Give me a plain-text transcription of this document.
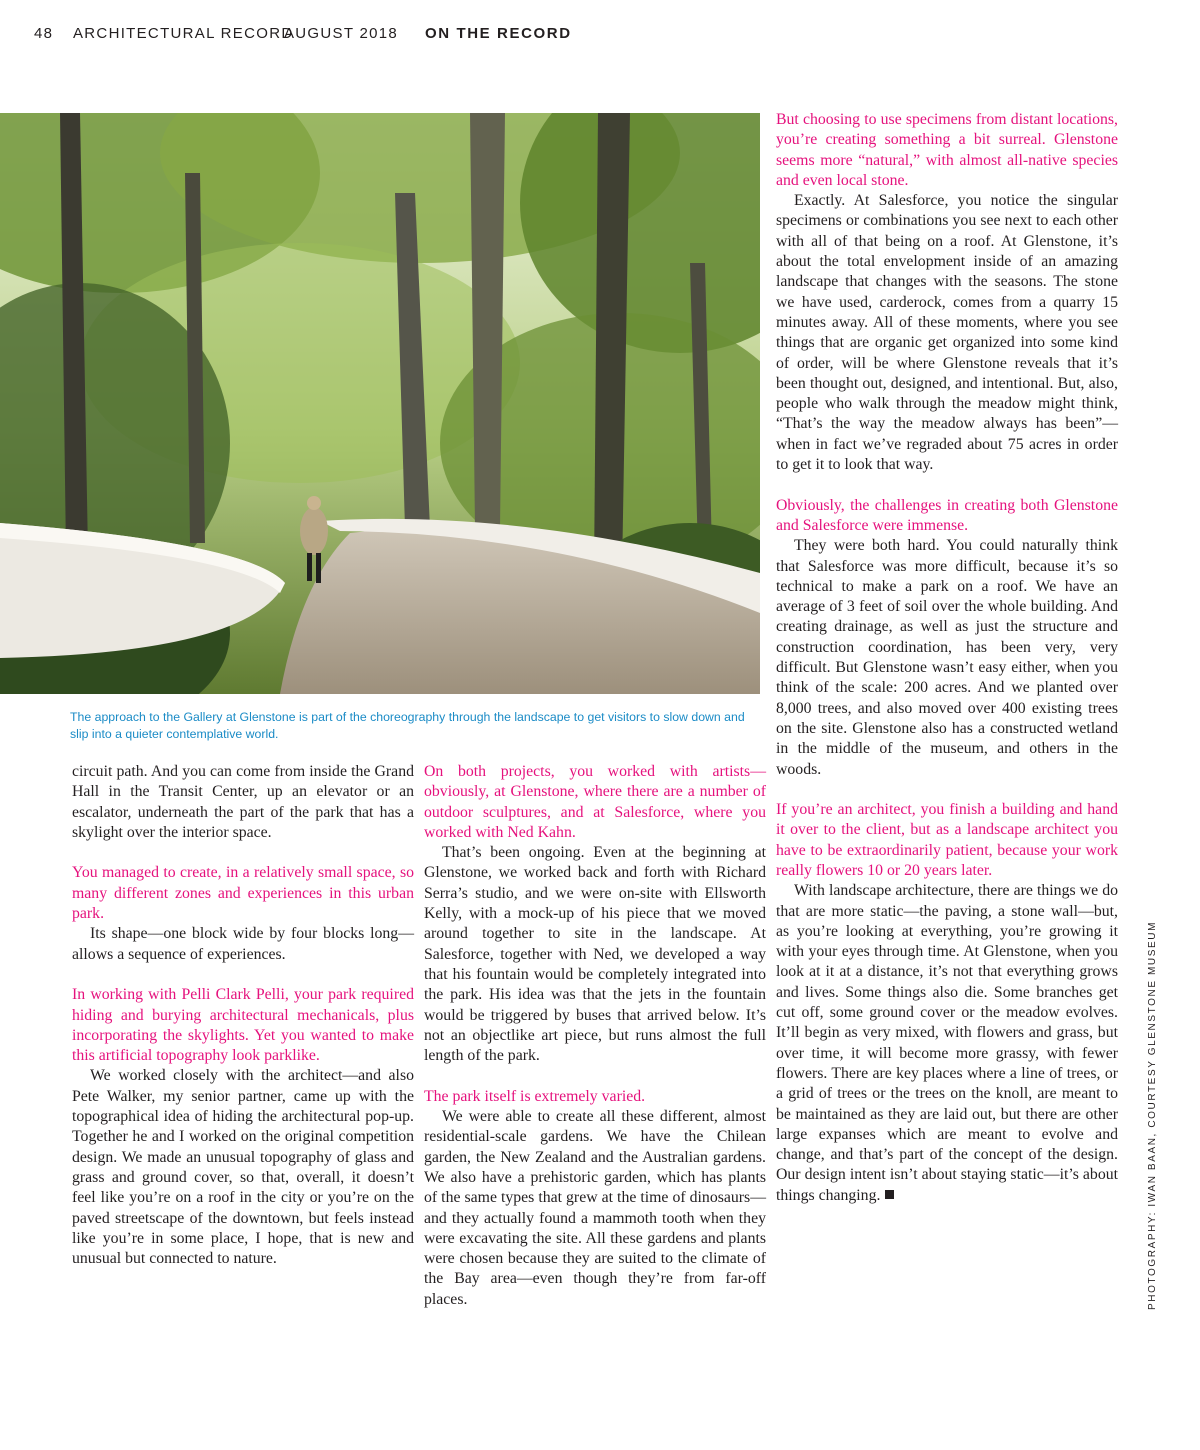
48 ARCHITECTURAL RECORDAUGUST 2018 ON THE RECORD
The approach to the Gallery at Glenstone is part of the choreography through the landscape to get visitors to slow down and slip into a quieter contemplative world.

circuit path. And you can come from inside the Grand Hall in the Transit Center, up an elevator or an escalator, underneath the part of the park that has a skylight over the interior space.

You managed to create, in a relatively small space, so many different zones and experiences in this urban park.

Its shape—one block wide by four blocks long—allows a sequence of experiences.

In working with Pelli Clark Pelli, your park required hiding and burying architectural mechanicals, plus incorporating the skylights. Yet you wanted to make this artificial topography look parklike.

We worked closely with the architect—and also Pete Walker, my senior partner, came up with the topographical idea of hiding the architectural pop-up. Together he and I worked on the original competition design. We made an unusual topography of glass and grass and ground cover, so that, overall, it doesn’t feel like you’re on a roof in the city or you’re on the paved streetscape of the downtown, but feels instead like you’re in some place, I hope, that is new and unusual but connected to nature.

On both projects, you worked with artists—obviously, at Glenstone, where there are a number of outdoor sculptures, and at Salesforce, where you worked with Ned Kahn.

That’s been ongoing. Even at the beginning at Glenstone, we worked back and forth with Richard Serra’s studio, and we were on-site with Ellsworth Kelly, with a mock-up of his piece that we moved around together to site in the landscape. At Salesforce, together with Ned, we developed a way that his fountain would be completely integrated into the park. His idea was that the jets in the fountain would be triggered by buses that arrived below. It’s not an objectlike art piece, but runs almost the full length of the park.

The park itself is extremely varied.

We were able to create all these different, almost residential-scale gardens. We have the Chilean garden, the New Zealand and the Australian gardens. We also have a prehistoric garden, which has plants of the same types that grew at the time of dinosaurs—and they actually found a mammoth tooth when they were excavating the site. All these gardens and plants were chosen because they are suited to the climate of the Bay area—even though they’re from far-off places.

But choosing to use specimens from distant locations, you’re creating something a bit surreal. Glenstone seems more “natural,” with almost all-native species and even local stone.

Exactly. At Salesforce, you notice the singular specimens or combinations you see next to each other with all of that being on a roof. At Glenstone, it’s about the total envelopment inside of an amazing landscape that changes with the seasons. The stone we have used, carderock, comes from a quarry 15 minutes away. All of these moments, where you see things that are organic get organized into some kind of order, will be where Glenstone reveals that it’s been thought out, designed, and intentional. But, also, people who walk through the meadow might think, “That’s the way the meadow always has been”—when in fact we’ve regraded about 75 acres in order to get it to look that way.

Obviously, the challenges in creating both Glenstone and Salesforce were immense.

They were both hard. You could naturally think that Salesforce was more difficult, because it’s so technical to make a park on a roof. We have an average of 3 feet of soil over the whole building. And creating drainage, as well as just the structure and construction coordination, has been very, very difficult. But Glenstone wasn’t easy either, when you think of the scale: 200 acres. And we planted over 8,000 trees, and also moved over 400 existing trees on the site. Glenstone also has a constructed wetland in the middle of the museum, and others in the woods.

If you’re an architect, you finish a building and hand it over to the client, but as a landscape architect you have to be extraordinarily patient, because your work really flowers 10 or 20 years later.

With landscape architecture, there are things we do that are more static—the paving, a stone wall—but, as you’re looking at everything, you’re growing it with your eyes through time. At Glenstone, when you look at it at a distance, it’s not that everything grows and lives. Some things also die. Some branches get cut off, some ground cover or the meadow evolves. It’ll begin as very mixed, with flowers and grass, but over time, it will become more grassy, with fewer flowers. There are key places where a line of trees, or a grid of trees or the trees on the knoll, are meant to be maintained as they are laid out, but there are other large expanses which are meant to evolve and change, and that’s part of the concept of the design. Our design intent isn’t about staying static—it’s about things changing.	PHOTOGRAPHY: IWAN BAAN, COURTESY GLENSTONE MUSEUM
